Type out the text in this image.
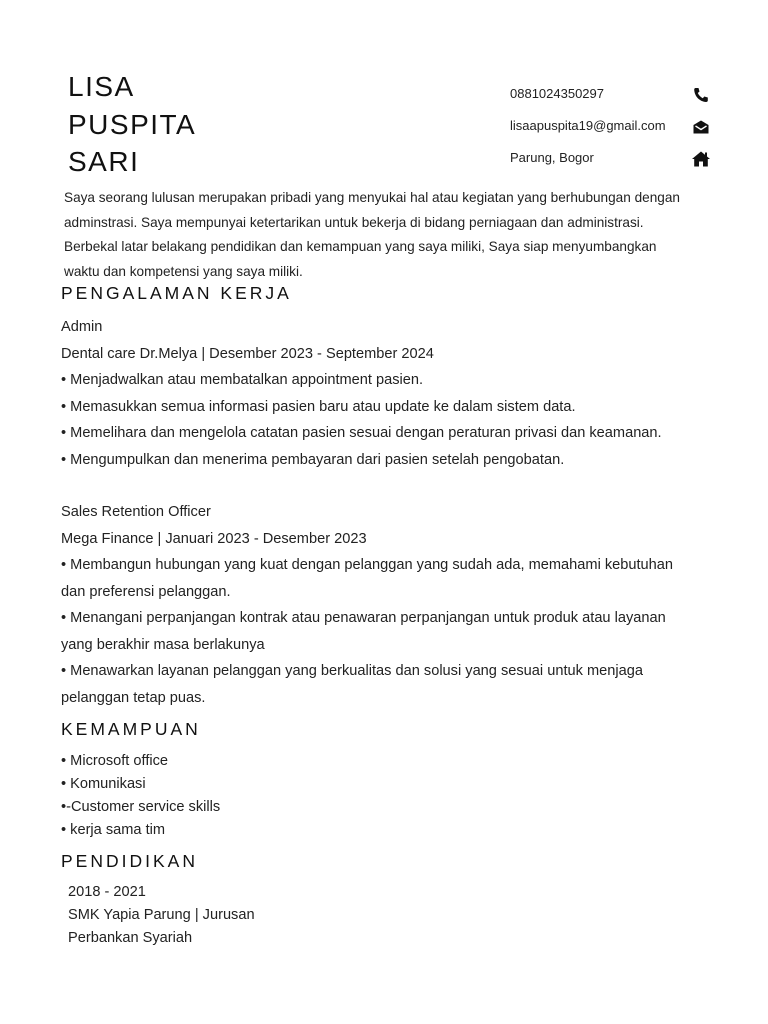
LISA
PUSPITA
SARI
0881024350297
lisaapuspita19@gmail.com
Parung, Bogor
Saya seorang lulusan merupakan pribadi yang menyukai hal atau kegiatan yang berhubungan dengan
adminstrasi. Saya mempunyai ketertarikan untuk bekerja di bidang perniagaan dan administrasi.
Berbekal latar belakang pendidikan dan kemampuan yang saya miliki, Saya siap menyumbangkan
waktu dan kompetensi yang saya miliki.
PENGALAMAN KERJA
Admin
Dental care Dr.Melya | Desember 2023 - September 2024
• Menjadwalkan atau membatalkan appointment pasien.
• Memasukkan semua informasi pasien baru atau update ke dalam sistem data.
• Memelihara dan mengelola catatan pasien sesuai dengan peraturan privasi dan keamanan.
• Mengumpulkan dan menerima pembayaran dari pasien setelah pengobatan.
Sales Retention Officer
Mega Finance | Januari 2023 - Desember 2023
• Membangun hubungan yang kuat dengan pelanggan yang sudah ada, memahami kebutuhan
dan preferensi pelanggan.
• Menangani perpanjangan kontrak atau penawaran perpanjangan untuk produk atau layanan
yang berakhir masa berlakunya
• Menawarkan layanan pelanggan yang berkualitas dan solusi yang sesuai untuk menjaga
pelanggan tetap puas.
KEMAMPUAN
• Microsoft office
• Komunikasi
•-Customer service skills
• kerja sama tim
PENDIDIKAN
2018 - 2021
SMK Yapia Parung | Jurusan
Perbankan Syariah
